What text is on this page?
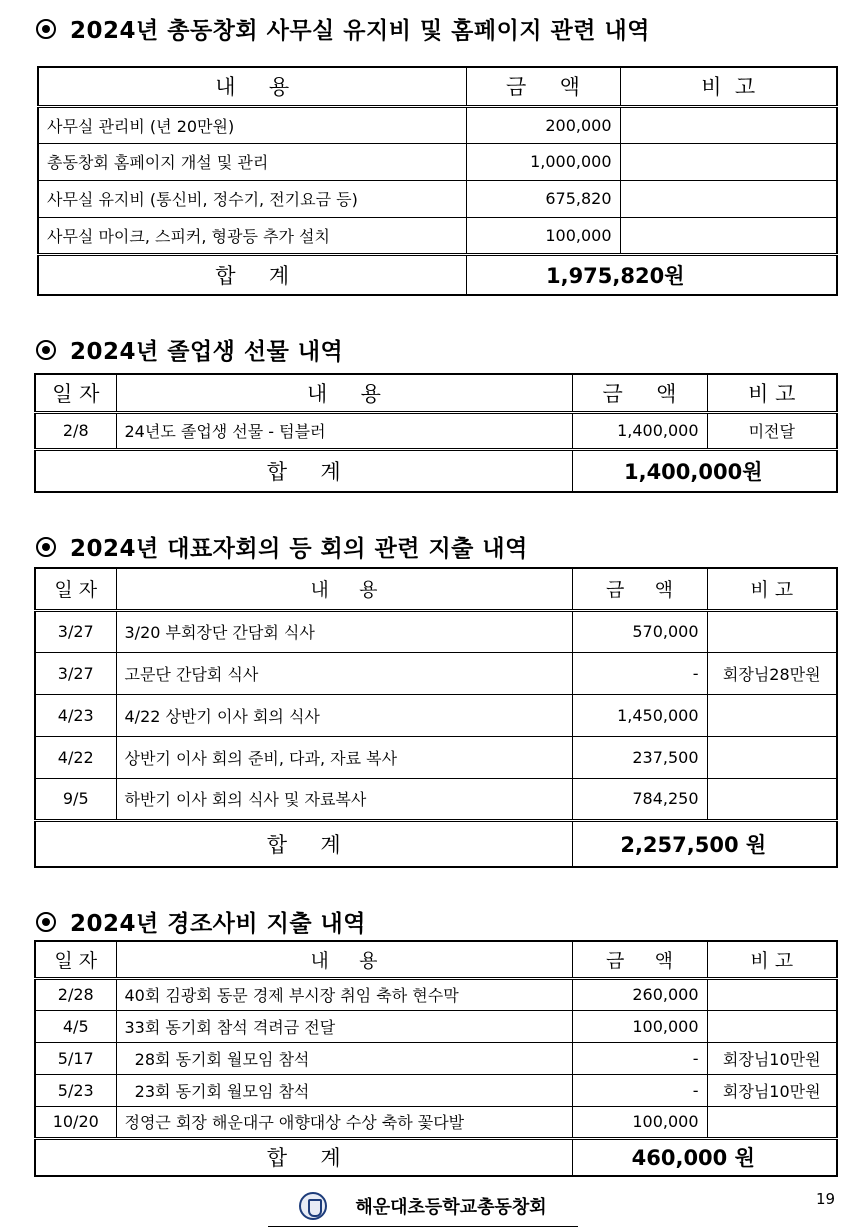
2024년 총동창회 사무실 유지비 및 홈페이지 관련 내역
내     용	금     액	비  고
사무실 관리비 (년 20만원)	200,000	
총동창회 홈페이지 개설 및 관리	1,000,000	
사무실 유지비 (통신비, 정수기, 전기요금 등)	675,820	
사무실 마이크, 스피커, 형광등 추가 설치	100,000	
합     계	1,975,820원	
2024년 졸업생 선물 내역
일 자	내     용	금     액	비 고
2/8	24년도 졸업생 선물 - 텀블러	1,400,000	미전달
합     계		1,400,000원	
2024년 대표자회의 등 회의 관련 지출 내역
일 자	내     용	금     액	비 고
3/27	3/20 부회장단 간담회 식사	570,000	
3/27	고문단 간담회 식사	-	회장님28만원
4/23	4/22 상반기 이사 회의 식사	1,450,000	
4/22	상반기 이사 회의 준비, 다과, 자료 복사	237,500	
9/5	하반기 이사 회의 식사 및 자료복사	784,250	
합     계		2,257,500 원	
2024년 경조사비 지출 내역
일 자	내     용	금     액	비 고
2/28	40회 김광회 동문 경제 부시장 취임 축하 현수막	260,000	
4/5	33회 동기회 참석 격려금 전달	100,000	
5/17	28회 동기회 월모임 참석	-	회장님10만원
5/23	23회 동기회 월모임 참석	-	회장님10만원
10/20	정영근 회장 해운대구 애향대상 수상 축하 꽃다발	100,000	
합     계		460,000 원	
해운대초등학교총동창회	19
